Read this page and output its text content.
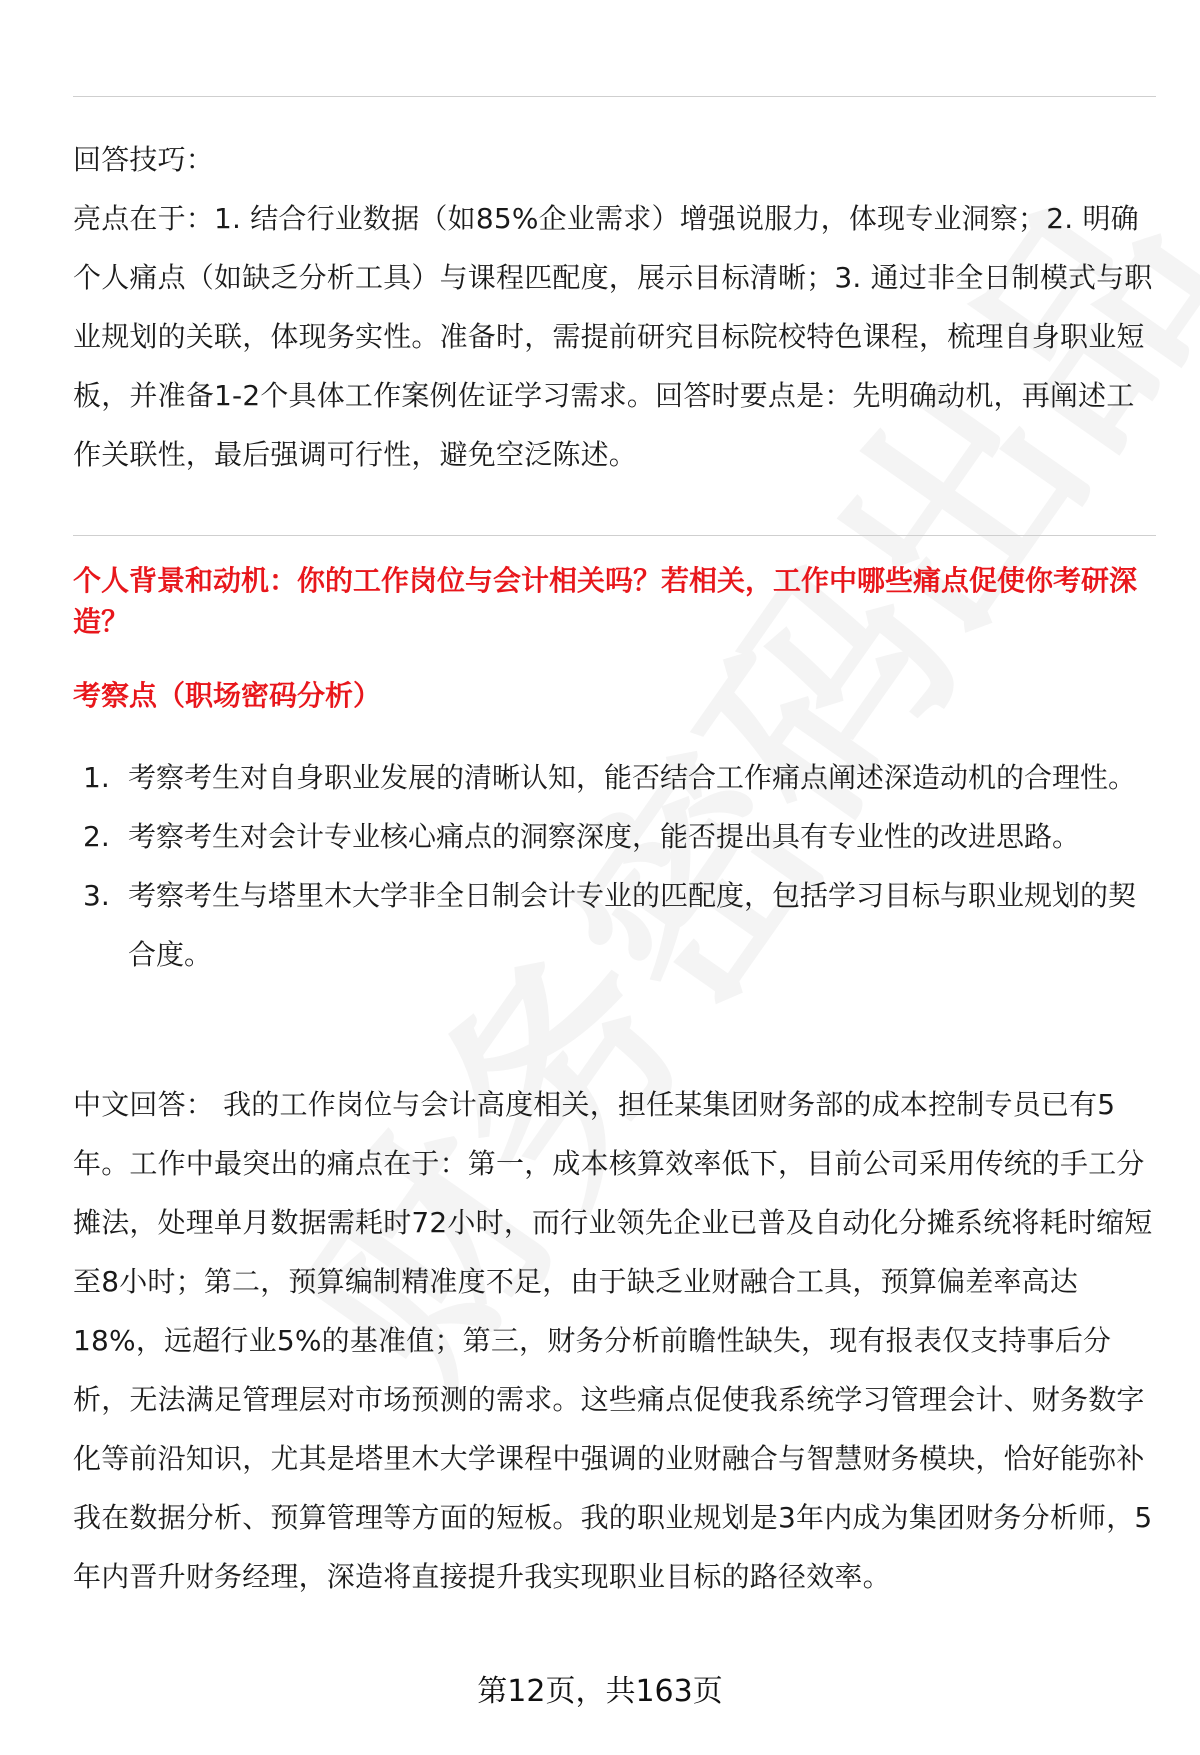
回答技巧：
亮点在于：1. 结合行业数据（如85%企业需求）增强说服力，体现专业洞察；2. 明确个人痛点（如缺乏分析工具）与课程匹配度，展示目标清晰；3. 通过非全日制模式与职业规划的关联，体现务实性。准备时，需提前研究目标院校特色课程，梳理自身职业短板，并准备1-2个具体工作案例佐证学习需求。回答时要点是：先明确动机，再阐述工作关联性，最后强调可行性，避免空泛陈述。
个人背景和动机：你的工作岗位与会计相关吗？若相关，工作中哪些痛点促使你考研深造？
考察点（职场密码分析）
1. 考察考生对自身职业发展的清晰认知，能否结合工作痛点阐述深造动机的合理性。
2. 考察考生对会计专业核心痛点的洞察深度，能否提出具有专业性的改进思路。
3. 考察考生与塔里木大学非全日制会计专业的匹配度，包括学习目标与职业规划的契合度。
中文回答： 我的工作岗位与会计高度相关，担任某集团财务部的成本控制专员已有5年。工作中最突出的痛点在于：第一，成本核算效率低下，目前公司采用传统的手工分摊法，处理单月数据需耗时72小时，而行业领先企业已普及自动化分摊系统将耗时缩短至8小时；第二，预算编制精准度不足，由于缺乏业财融合工具，预算偏差率高达18%，远超行业5%的基准值；第三，财务分析前瞻性缺失，现有报表仅支持事后分析，无法满足管理层对市场预测的需求。这些痛点促使我系统学习管理会计、财务数字化等前沿知识，尤其是塔里木大学课程中强调的业财融合与智慧财务模块，恰好能弥补我在数据分析、预算管理等方面的短板。我的职业规划是3年内成为集团财务分析师，5年内晋升财务经理，深造将直接提升我实现职业目标的路径效率。
第12页，共163页
